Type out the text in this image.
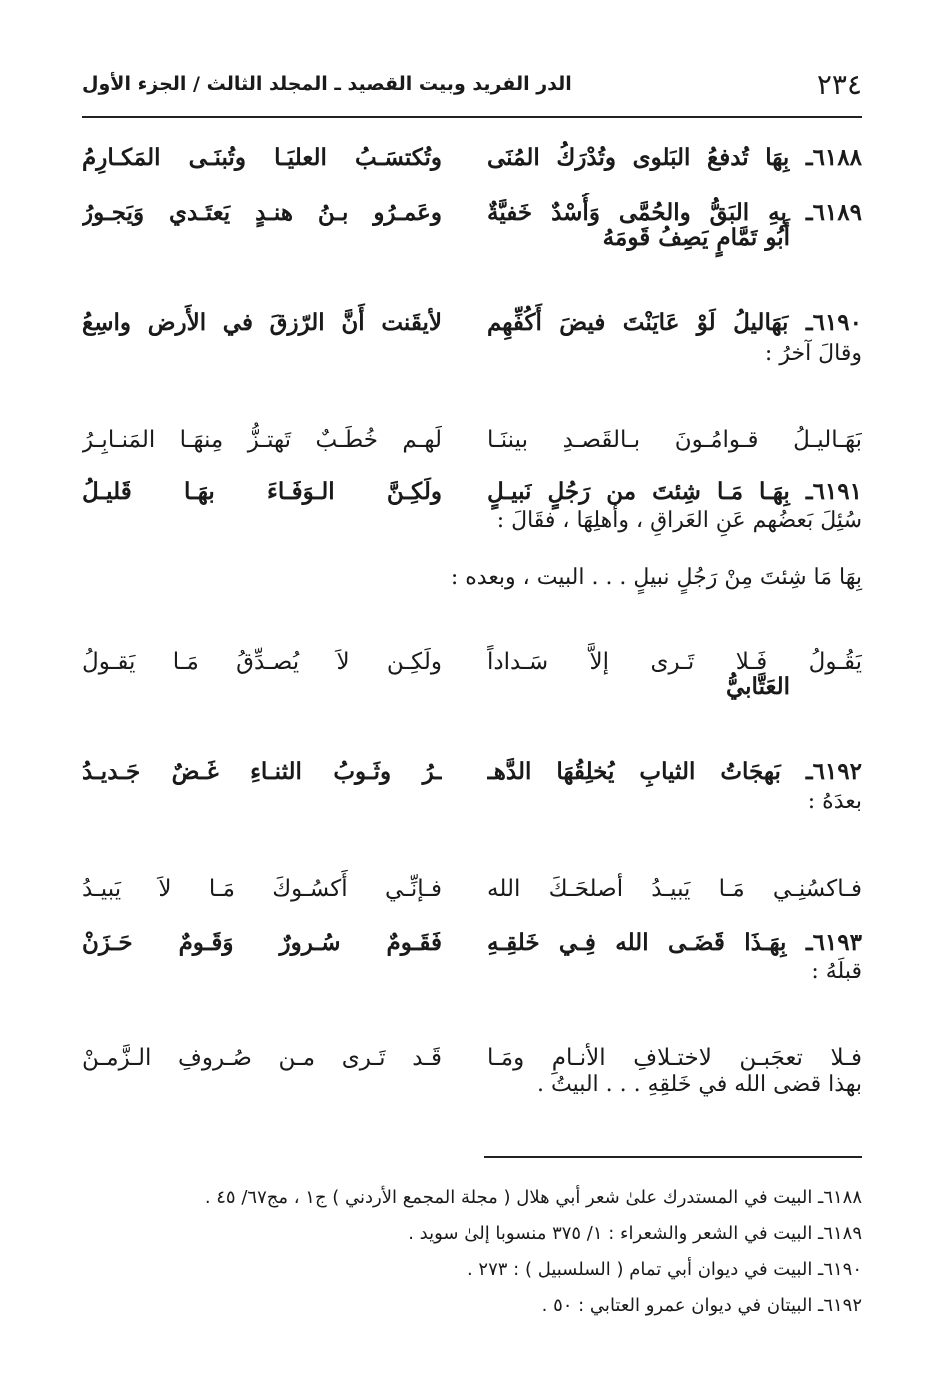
٢٣٤
الدر الفريد وبيت القصيد ـ المجلد الثالث / الجزء الأول
٦١٨٨ـ بِهَا تُدفعُ البَلوى وتُدْرَكُ المُنَى
وتُكتسَـبُ العليَـا وتُبنَـى المَكـارِمُ
٦١٨٩ـ بِهِ البَقُّ والحُمَّى وَأُسْدٌ خَفيَّةٌ
وعَمـرُو بـنُ هنـدٍ يَعتَـدي وَيَجـورُ
أَبُو تَمَّامٍ يَصِفُ قَومَهُ
٦١٩٠ـ بَهَاليلُ لَوْ عَايَنْتَ فيضَ أَكُفِّهِم
لأيقَنت أَنَّ الرّزقَ في الأَرض واسِعُ
وقالَ آخرُ :
بَهَـاليـلُ قـوامُـونَ بـالقَصـدِ بيننَـا
لَهـم خُطَـبٌ تَهتـزُّ مِنهَـا المَنـابِـرُ
٦١٩١ـ بِهَـا مَـا شِئتَ من رَجُلٍ نَبيـلٍ
ولَكِـنَّ الـوَفَـاءَ بهَـا قَليـلُ
سُئِلَ بَعضُهم عَنِ العَراقِ ، وأهلِهَا ، فقَالَ :
بِهَا مَا شِئتَ مِنْ رَجُلٍ نبيلٍ . . . البيت ، وبعده :
يَقُـولُ فَـلا تَـرى إلاَّ سَـداداً
ولَكِـن لاَ يُصـدِّقُ مَـا يَقـولُ
العَتَّابيُّ
٦١٩٢ـ بَهجَاتُ الثيابِ يُخلِقُهَا الدَّهـ
ـرُ وثَـوبُ الثنـاءِ غَـضٌ جَـديـدُ
بعدَهُ :
فـاكسُنِـي مَـا يَبيـدُ أصلحَـكَ الله
فـإنِّـي أَكسُـوكَ مَـا لاَ يَبيـدُ
٦١٩٣ـ بِهَـذَا قَضَـى الله فِـي خَلقِـهِ
فَقَـومٌ سُـرورٌ وَقَـومٌ حَـزَنْ
قبلَهُ :
فـلا تعجَبـن لاختـلافِ الأنـامِ ومَـا
قَـد تَـرى مـن صُـروفِ الـزَّمـنْ
بهذا قضى الله في خَلقِهِ . . . البيتُ .
٦١٨٨ـ البيت في المستدرك علىٰ شعر أبي هلال ( مجلة المجمع الأردني ) ج١ ، مج٦٧/ ٤٥ .
٦١٨٩ـ البيت في الشعر والشعراء : ١/ ٣٧٥ منسوبا إلىٰ سويد .
٦١٩٠ـ البيت في ديوان أبي تمام ( السلسبيل ) : ٢٧٣ .
٦١٩٢ـ البيتان في ديوان عمرو العتابي : ٥٠ .
